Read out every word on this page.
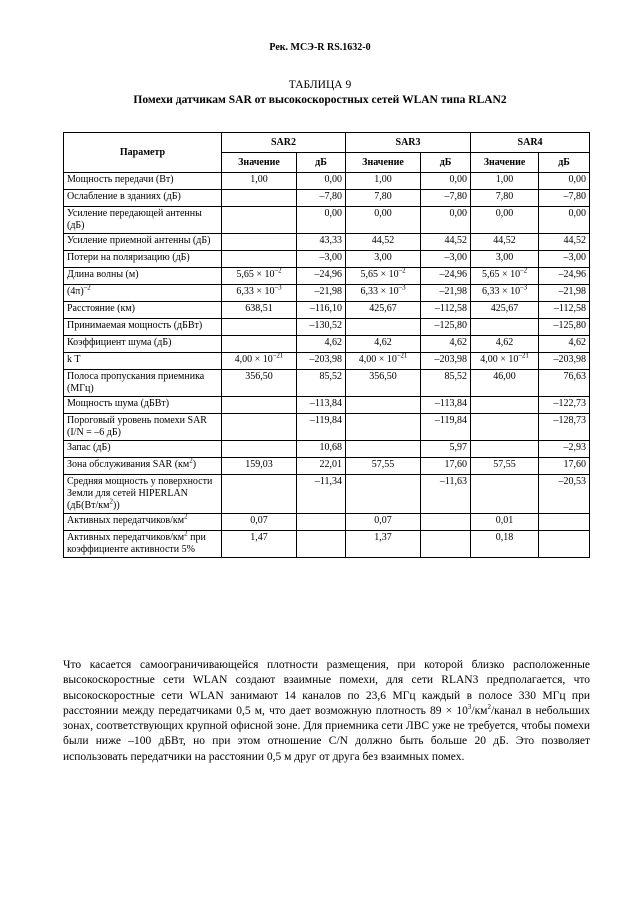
Рек. МСЭ-R RS.1632-0
ТАБЛИЦА 9
Помехи датчикам SAR от высокоскоростных сетей WLAN типа RLAN2
Параметр	SAR2		SAR3		SAR4	
	Значение	дБ	Значение	дБ	Значение	дБ
Мощность передачи (Вт)	1,00	0,00	1,00	0,00	1,00	0,00
Ослабление в зданиях (дБ)		–7,80	7,80	–7,80	7,80	–7,80
Усиление передающей антенны (дБ)		0,00	0,00	0,00	0,00	0,00
Усиление приемной антенны (дБ)		43,33	44,52	44,52	44,52	44,52
Потери на поляризацию (дБ)		–3,00	3,00	–3,00	3,00	–3,00
Длина волны (м)	$5,65 \times 10^{-2}$	–24,96	$5,65 \times 10^{-2}$	–24,96	$5,65 \times 10^{-2}$	–24,96
$(4\pi)^{-2}$	$6,33 \times 10^{-3}$	–21,98	$6,33 \times 10^{-3}$	–21,98	$6,33 \times 10^{-3}$	–21,98
Расстояние (км)	638,51	–116,10	425,67	–112,58	425,67	–112,58
Принимаемая мощность (дБВт)		–130,52		–125,80		–125,80
Коэффициент шума (дБ)		4,62	4,62	4,62	4,62	4,62
k T	$4,00 \times 10^{-21}$	–203,98	$4,00 \times 10^{-21}$	–203,98	$4,00 \times 10^{-21}$	–203,98
Полоса пропускания приемника (МГц)	356,50	85,52	356,50	85,52	46,00	76,63
Мощность шума (дБВт)		–113,84		–113,84		–122,73
Пороговый уровень помехи SAR (I/N = –6 дБ)		–119,84		–119,84		–128,73
Запас (дБ)		10,68		5,97		–2,93
Зона обслуживания SAR $(км^2)$	159,03	22,01	57,55	17,60	57,55	17,60
Средняя мощность у поверхности Земли для сетей HIPERLAN $(дБ(Вт/км^2))$		–11,34		–11,63		–20,53
Активных передатчиков/$км^2$	0,07		0,07		0,01	
Активных передатчиков/$км^2$ при коэффициенте активности 5%	1,47		1,37		0,18	
Что касается самоограничивающейся плотности размещения, при которой близко расположенные высокоскоростные сети WLAN создают взаимные помехи, для сети RLAN3 предполагается, что высокоскоростные сети WLAN занимают 14 каналов по 23,6 МГц каждый в полосе 330 МГц при расстоянии между передатчиками 0,5 м, что дает возможную плотность $89 \times 10^3/км^2$/канал в небольших зонах, соответствующих крупной офисной зоне. Для приемника сети ЛВС уже не требуется, чтобы помехи были ниже –100 дБВт, но при этом отношение C/N должно быть больше 20 дБ. Это позволяет использовать передатчики на расстоянии 0,5 м друг от друга без взаимных помех.
